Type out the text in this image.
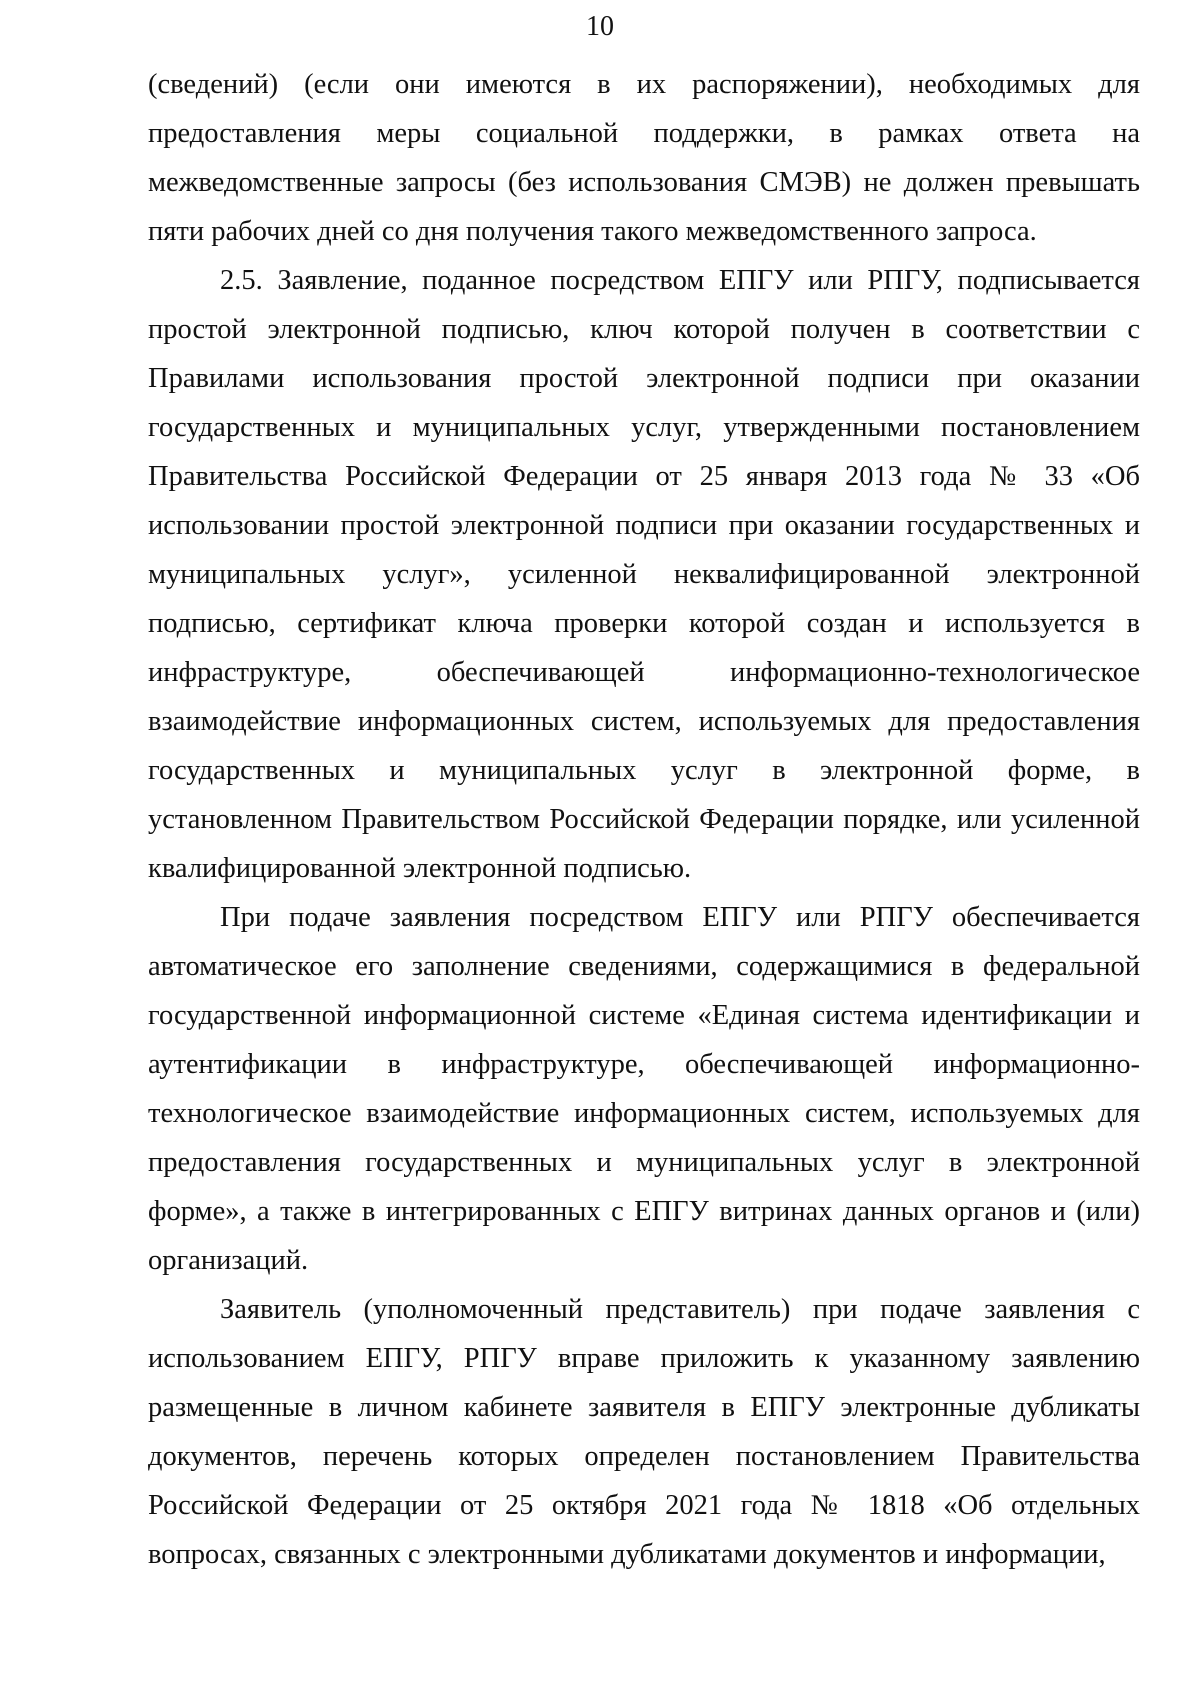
10

(сведений) (если они имеются в их распоряжении), необходимых для предоставления меры социальной поддержки, в рамках ответа на межведомственные запросы (без использования СМЭВ) не должен превышать пяти рабочих дней со дня получения такого межведомственного запроса.

2.5. Заявление, поданное посредством ЕПГУ или РПГУ, подписывается простой электронной подписью, ключ которой получен в соответствии с Правилами использования простой электронной подписи при оказании государственных и муниципальных услуг, утвержденными постановлением Правительства Российской Федерации от 25 января 2013 года № 33 «Об использовании простой электронной подписи при оказании государственных и муниципальных услуг», усиленной неквалифицированной электронной подписью, сертификат ключа проверки которой создан и используется в инфраструктуре, обеспечивающей информационно-технологическое взаимодействие информационных систем, используемых для предоставления государственных и муниципальных услуг в электронной форме, в установленном Правительством Российской Федерации порядке, или усиленной квалифицированной электронной подписью.

При подаче заявления посредством ЕПГУ или РПГУ обеспечивается автоматическое его заполнение сведениями, содержащимися в федеральной государственной информационной системе «Единая система идентификации и аутентификации в инфраструктуре, обеспечивающей информационно-технологическое взаимодействие информационных систем, используемых для предоставления государственных и муниципальных услуг в электронной форме», а также в интегрированных с ЕПГУ витринах данных органов и (или) организаций.

Заявитель (уполномоченный представитель) при подаче заявления с использованием ЕПГУ, РПГУ вправе приложить к указанному заявлению размещенные в личном кабинете заявителя в ЕПГУ электронные дубликаты документов, перечень которых определен постановлением Правительства Российской Федерации от 25 октября 2021 года № 1818 «Об отдельных вопросах, связанных с электронными дубликатами документов и информации,
